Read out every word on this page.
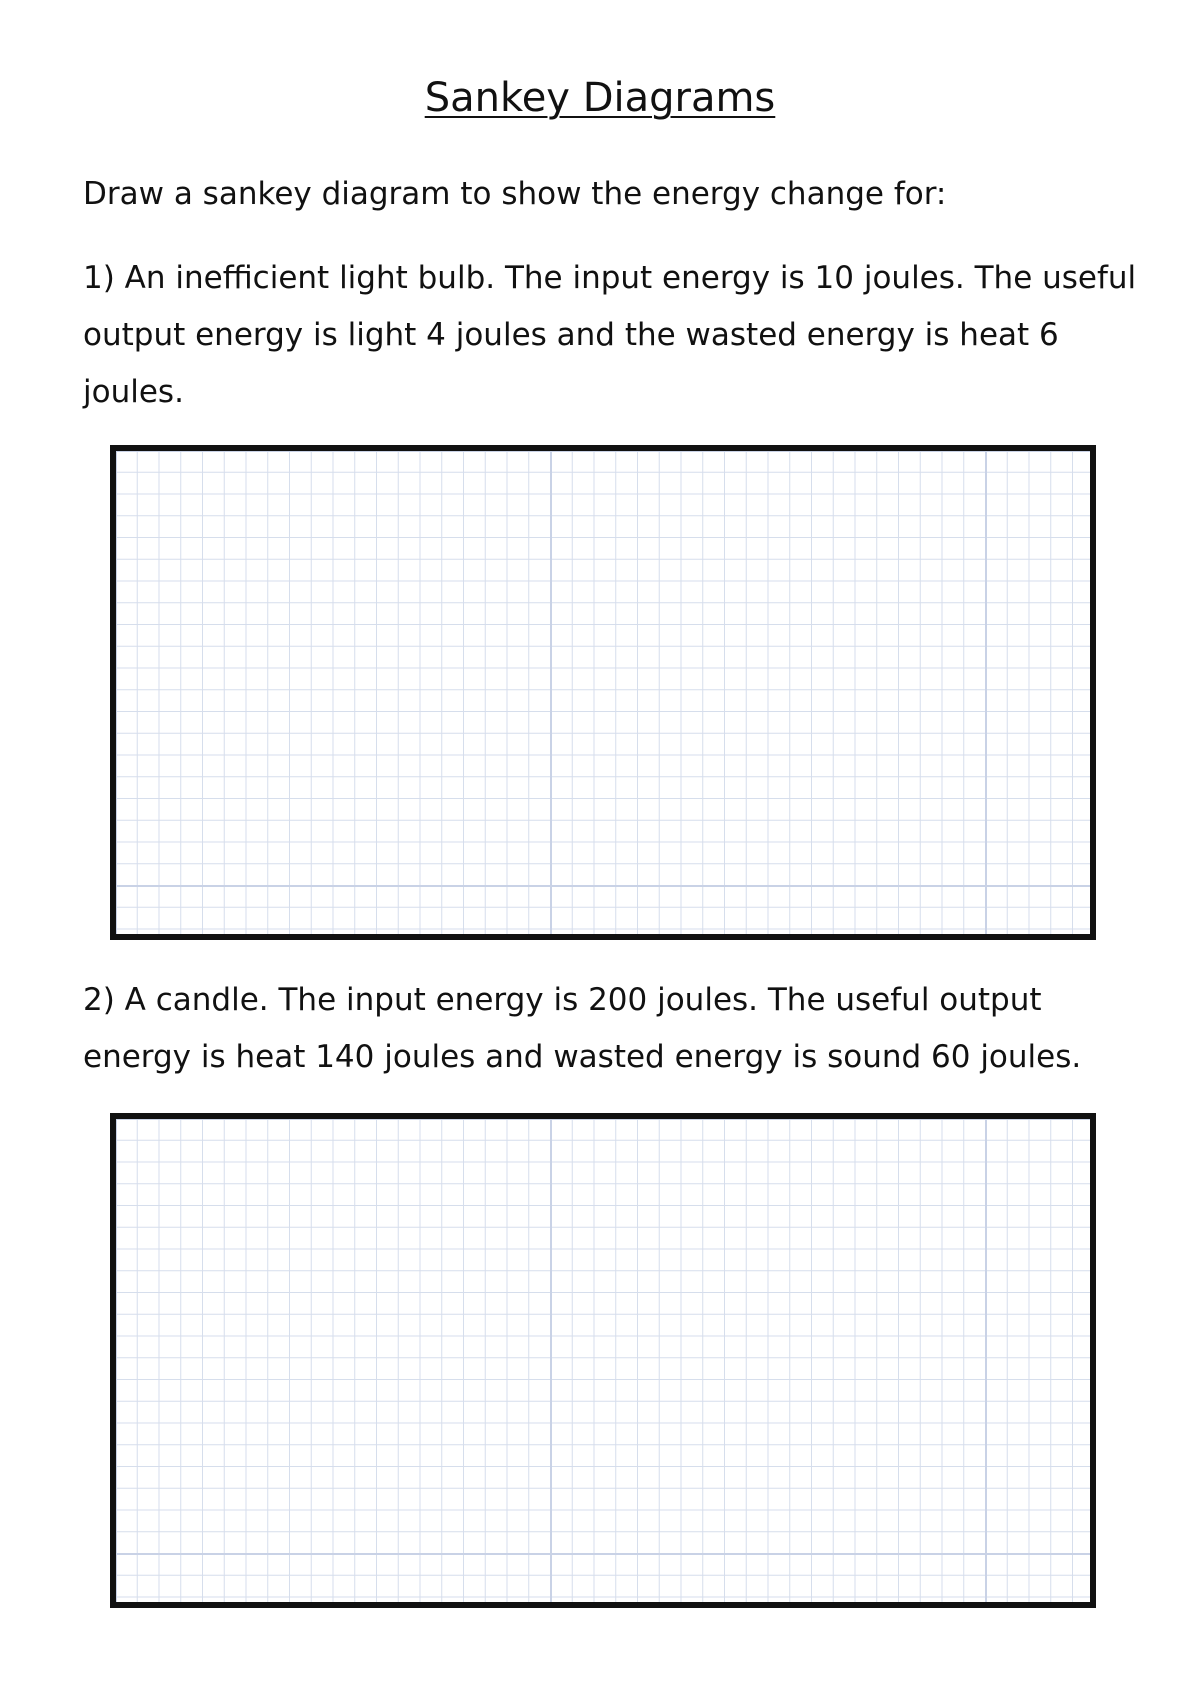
Sankey Diagrams

Draw a sankey diagram to show the energy change for:

1) An inefficient light bulb. The input energy is 10 joules. The useful output energy is light 4 joules and the wasted energy is heat 6 joules.

2) A candle. The input energy is 200 joules. The useful output energy is heat 140 joules and wasted energy is sound 60 joules.
